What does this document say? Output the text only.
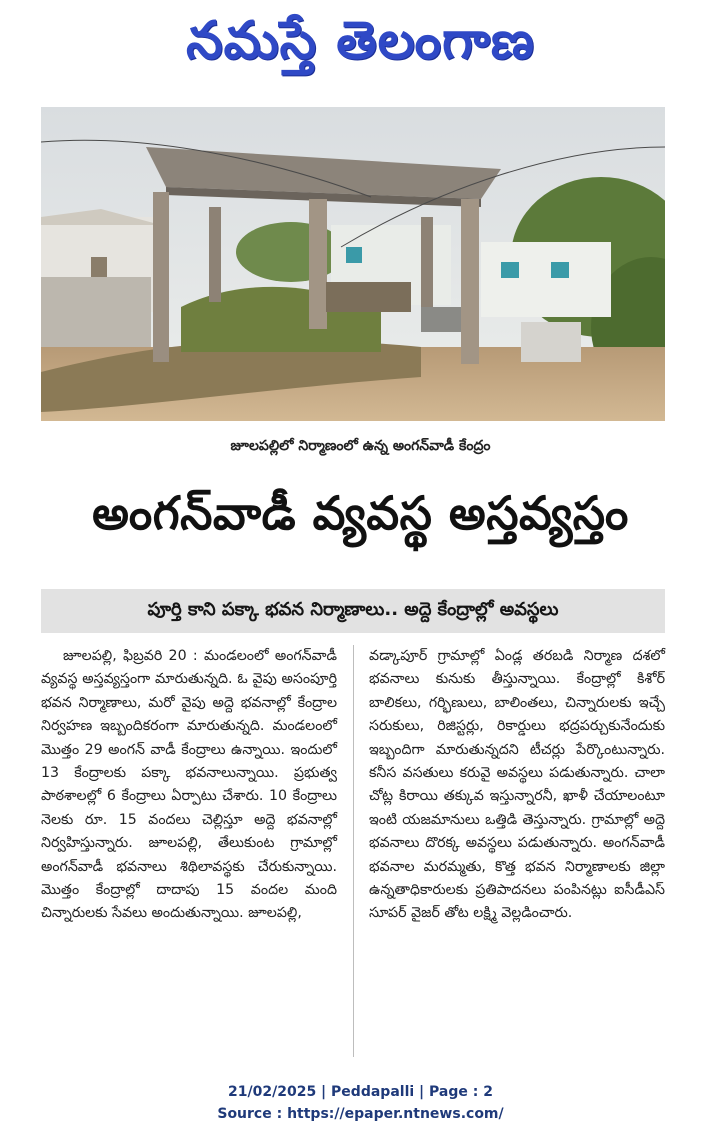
నమస్తే తెలంగాణ
జూలపల్లిలో నిర్మాణంలో ఉన్న అంగన్‌వాడీ కేంద్రం
అంగన్‌వాడీ వ్యవస్థ అస్తవ్యస్తం
పూర్తి కాని పక్కా భవన నిర్మాణాలు.. అద్దె కేంద్రాల్లో అవస్థలు

జూలపల్లి, ఫిబ్రవరి 20 : మండలంలో అంగన్‌వాడీ వ్యవస్థ అస్తవ్యస్తంగా మారుతున్నది. ఓ వైపు అసంపూర్తి భవన నిర్మాణాలు, మరో వైపు అద్దె భవనాల్లో కేంద్రాల నిర్వహణ ఇబ్బందికరంగా మారుతున్నది. మండలంలో మొత్తం 29 అంగన్ వాడీ కేంద్రాలు ఉన్నాయి. ఇందులో 13 కేంద్రాలకు పక్కా భవనాలున్నాయి. ప్రభుత్వ పాఠశాలల్లో 6 కేంద్రాలు ఏర్పాటు చేశారు. 10 కేంద్రాలు నెలకు రూ. 15 వందలు చెల్లిస్తూ అద్దె భవనాల్లో నిర్వహిస్తున్నారు. జూలపల్లి, తేలుకుంట గ్రామాల్లో అంగన్‌వాడీ భవనాలు శిథిలావస్థకు చేరుకున్నాయి. మొత్తం కేంద్రాల్లో దాదాపు 15 వందల మంది చిన్నారులకు సేవలు అందుతున్నాయి. జూలపల్లి,

వడ్కాపూర్ గ్రామాల్లో ఏండ్ల తరబడి నిర్మాణ దశలో భవనాలు కునుకు తీస్తున్నాయి. కేంద్రాల్లో కిశోర్ బాలికలు, గర్భిణులు, బాలింతలు, చిన్నారులకు ఇచ్చే సరుకులు, రిజిస్టర్లు, రికార్డులు భద్రపర్చుకునేందుకు ఇబ్బందిగా మారుతున్నదని టీచర్లు పేర్కొంటున్నారు. కనీస వసతులు కరువై అవస్థలు పడుతున్నారు. చాలా చోట్ల కిరాయి తక్కువ ఇస్తున్నారనీ, ఖాళీ చేయాలంటూ ఇంటి యజమానులు ఒత్తిడి తెస్తున్నారు. గ్రామాల్లో అద్దె భవనాలు దొరక్క అవస్థలు పడుతున్నారు. అంగన్‌వాడీ భవనాల మరమ్మతు, కొత్త భవన నిర్మాణాలకు జిల్లా ఉన్నతాధికారులకు ప్రతిపాదనలు పంపినట్లు ఐసీడీఎస్ సూపర్ వైజర్ తోట లక్ష్మి వెల్లడించారు.

21/02/2025 | Peddapalli | Page : 2
Source : https://epaper.ntnews.com/
